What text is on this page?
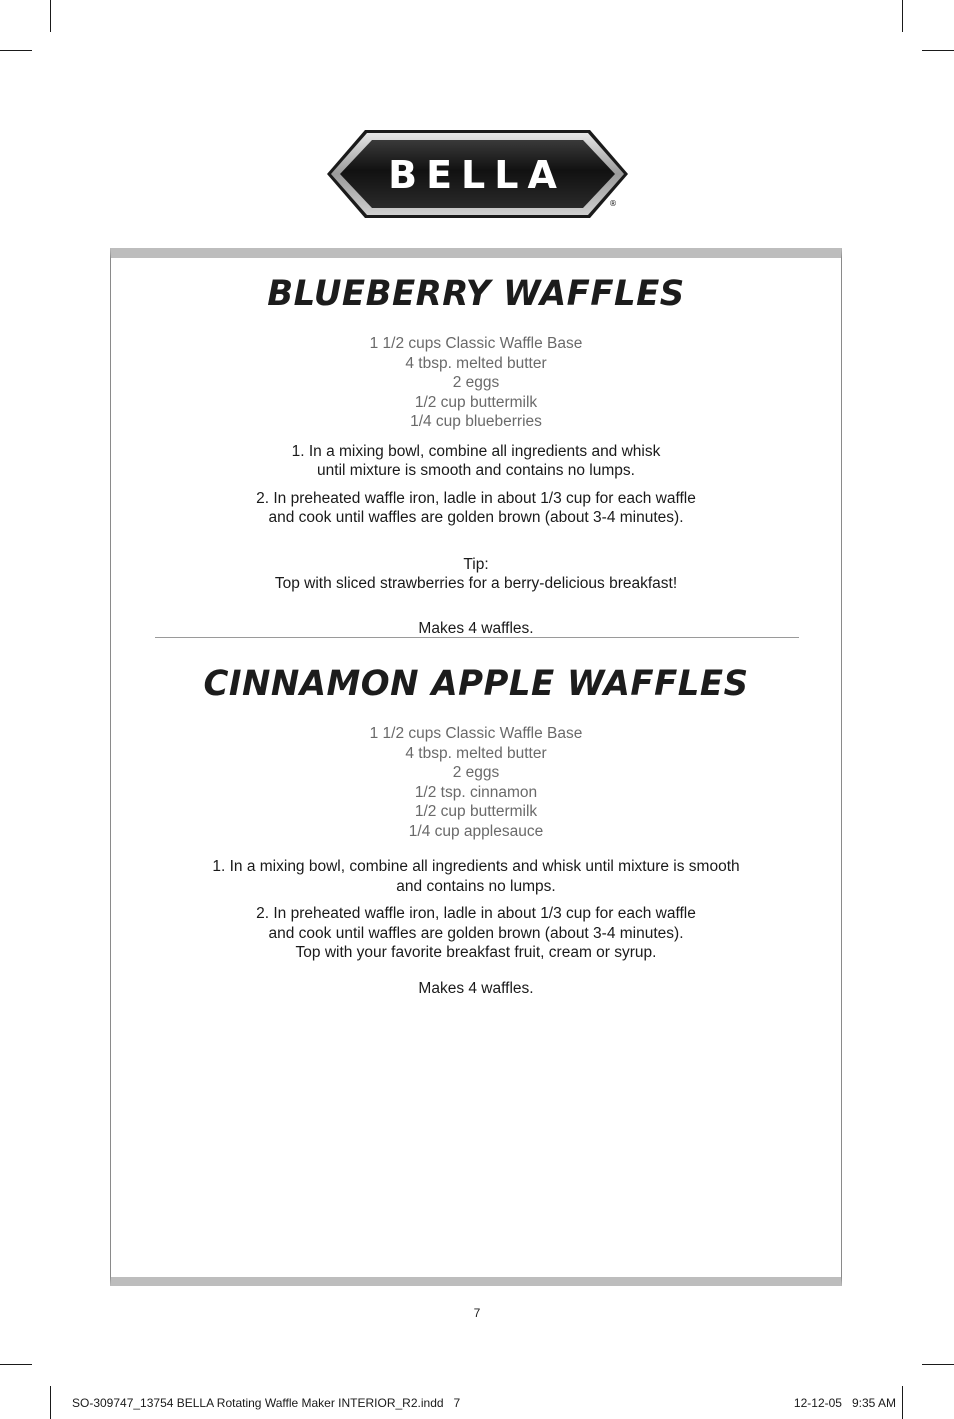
BELLA
®
BLUEBERRY WAFFLES
1 1/2 cups Classic Waffle Base
4 tbsp. melted butter
2 eggs
1/2 cup buttermilk
1/4 cup blueberries

1. In a mixing bowl, combine all ingredients and whisk
until mixture is smooth and contains no lumps.

2. In preheated waffle iron, ladle in about 1/3 cup for each waffle
and cook until waffles are golden brown (about 3-4 minutes).

Tip:
Top with sliced strawberries for a berry-delicious breakfast!
Makes 4 waffles.
CINNAMON APPLE WAFFLES
1 1/2 cups Classic Waffle Base
4 tbsp. melted butter
2 eggs
1/2 tsp. cinnamon
1/2 cup buttermilk
1/4 cup applesauce

1. In a mixing bowl, combine all ingredients and whisk until mixture is smooth
and contains no lumps.

2. In preheated waffle iron, ladle in about 1/3 cup for each waffle
and cook until waffles are golden brown (about 3-4 minutes).
Top with your favorite breakfast fruit, cream or syrup.

Makes 4 waffles.
7
SO-309747_13754 BELLA Rotating Waffle Maker INTERIOR_R2.indd   7	12-12-05   9:35 AM
